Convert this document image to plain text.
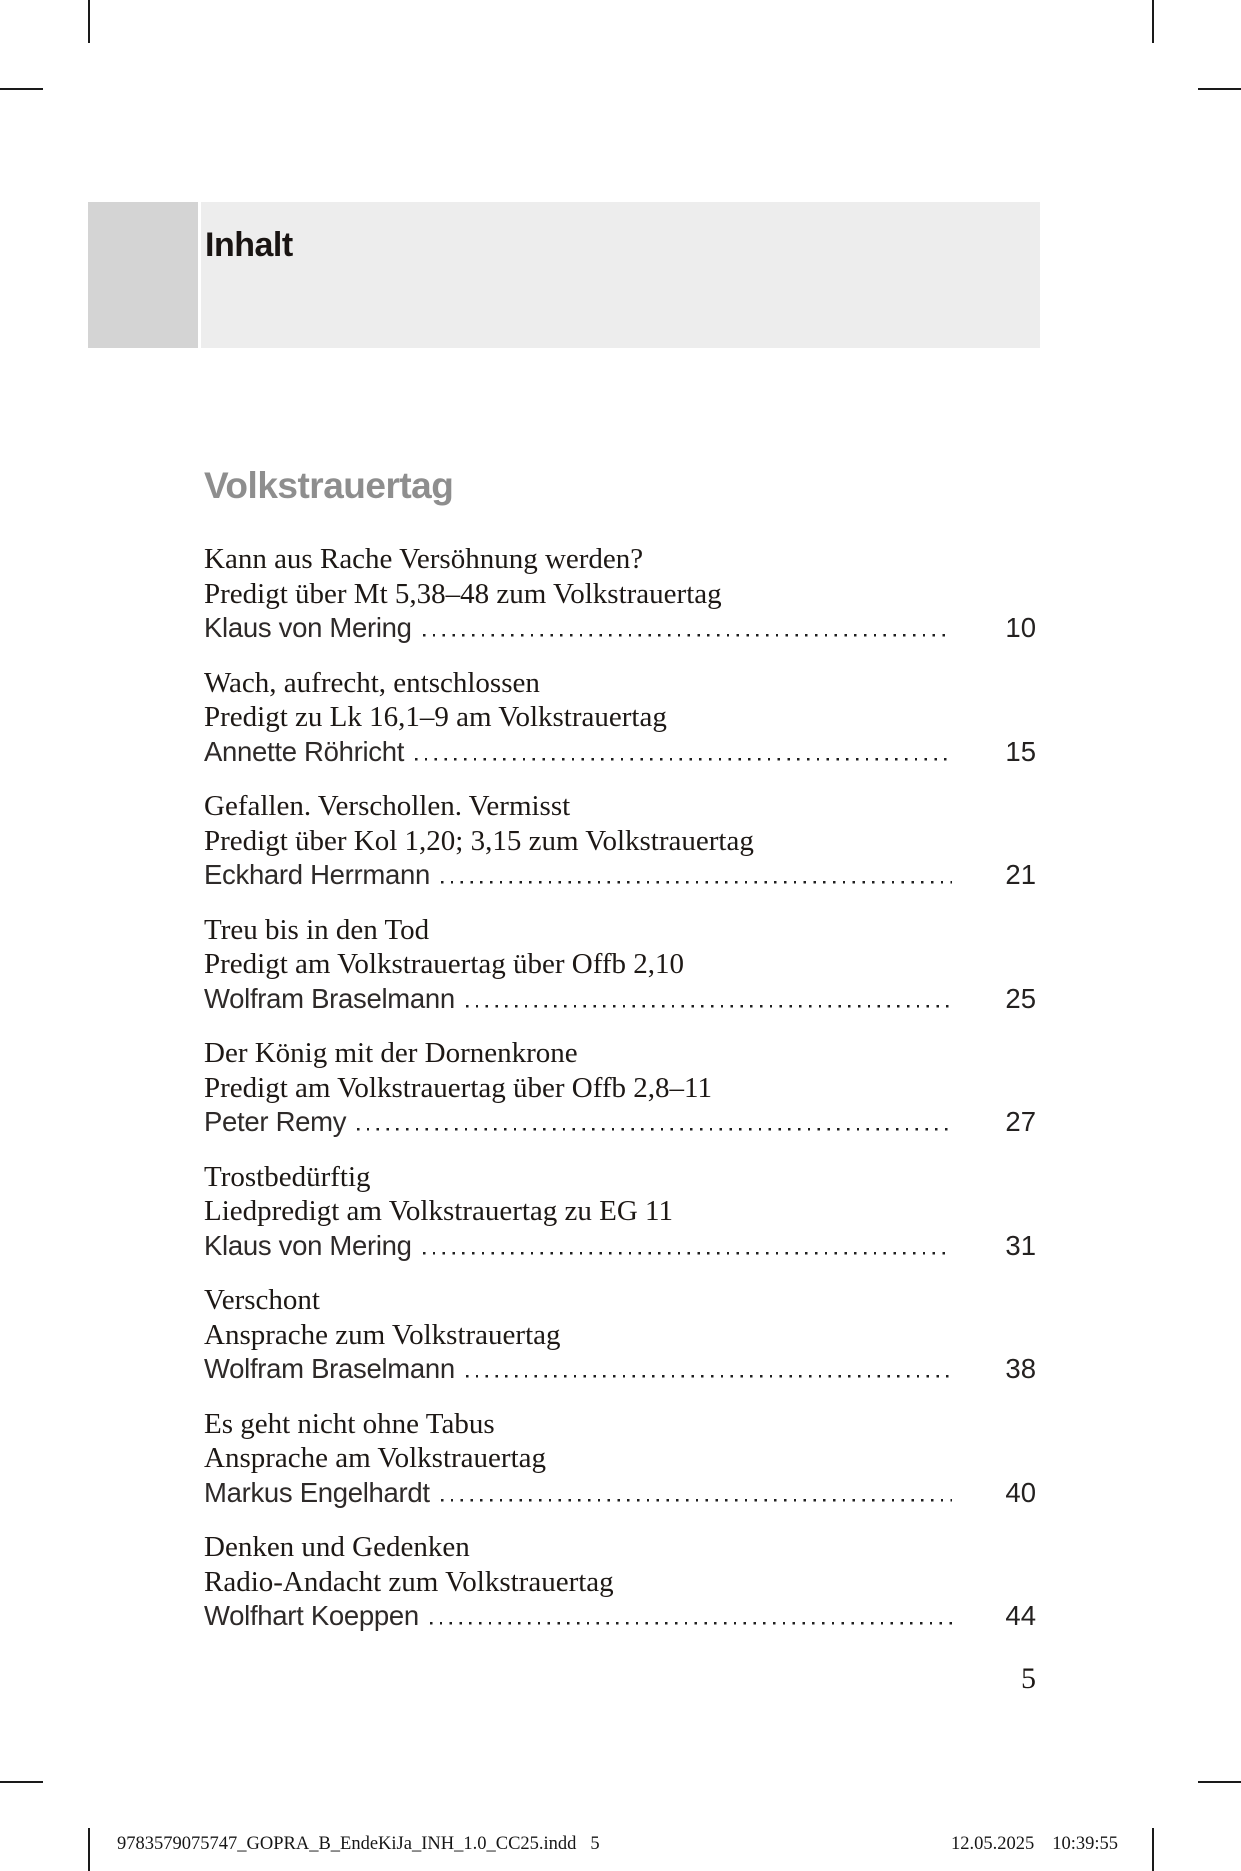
Inhalt
Volkstrauertag
Kann aus Rache Versöhnung werden?
Predigt über Mt 5,38–48 zum Volkstrauertag
Klaus von Mering	10
Wach, aufrecht, entschlossen
Predigt zu Lk 16,1–9 am Volkstrauertag
Annette Röhricht	15
Gefallen. Verschollen. Vermisst
Predigt über Kol 1,20; 3,15 zum Volkstrauertag
Eckhard Herrmann	21
Treu bis in den Tod
Predigt am Volkstrauertag über Offb 2,10
Wolfram Braselmann	25
Der König mit der Dornenkrone
Predigt am Volkstrauertag über Offb 2,8–11
Peter Remy	27
Trostbedürftig
Liedpredigt am Volkstrauertag zu EG 11
Klaus von Mering	31
Verschont
Ansprache zum Volkstrauertag
Wolfram Braselmann	38
Es geht nicht ohne Tabus
Ansprache am Volkstrauertag
Markus Engelhardt	40
Denken und Gedenken
Radio-Andacht zum Volkstrauertag
Wolfhart Koeppen	44
5
9783579075747_GOPRA_B_EndeKiJa_INH_1.0_CC25.indd 5	12.05.2025 10:39:55
